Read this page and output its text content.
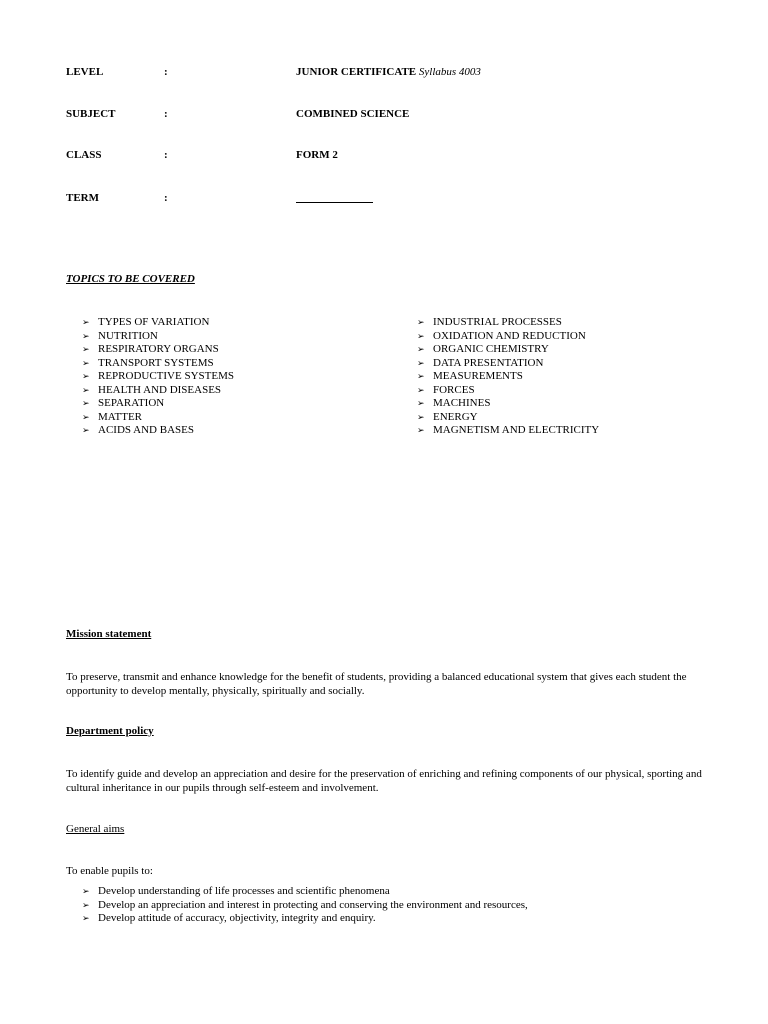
LEVEL	:	JUNIOR CERTIFICATE Syllabus 4003
SUBJECT	:	COMBINED SCIENCE
CLASS	:	FORM 2
TERM	:
TOPICS TO BE COVERED
➢ TYPES OF VARIATION
➢ NUTRITION
➢ RESPIRATORY ORGANS
➢ TRANSPORT SYSTEMS
➢ REPRODUCTIVE SYSTEMS
➢ HEALTH AND DISEASES
➢ SEPARATION
➢ MATTER
➢ ACIDS AND BASES
➢ INDUSTRIAL PROCESSES
➢ OXIDATION AND REDUCTION
➢ ORGANIC CHEMISTRY
➢ DATA PRESENTATION
➢ MEASUREMENTS
➢ FORCES
➢ MACHINES
➢ ENERGY
➢ MAGNETISM AND ELECTRICITY
Mission statement
To preserve, transmit and enhance knowledge for the benefit of students, providing a balanced educational system that gives each student the opportunity to develop mentally, physically, spiritually and socially.
Department policy
To identify guide and develop an appreciation and desire for the preservation of enriching and refining components of our physical, sporting and cultural inheritance in our pupils through self-esteem and involvement.
General aims
To enable pupils to:
➢ Develop understanding of life processes and scientific phenomena
➢ Develop an appreciation and interest in protecting and conserving the environment and resources,
➢ Develop attitude of accuracy, objectivity, integrity and enquiry.
